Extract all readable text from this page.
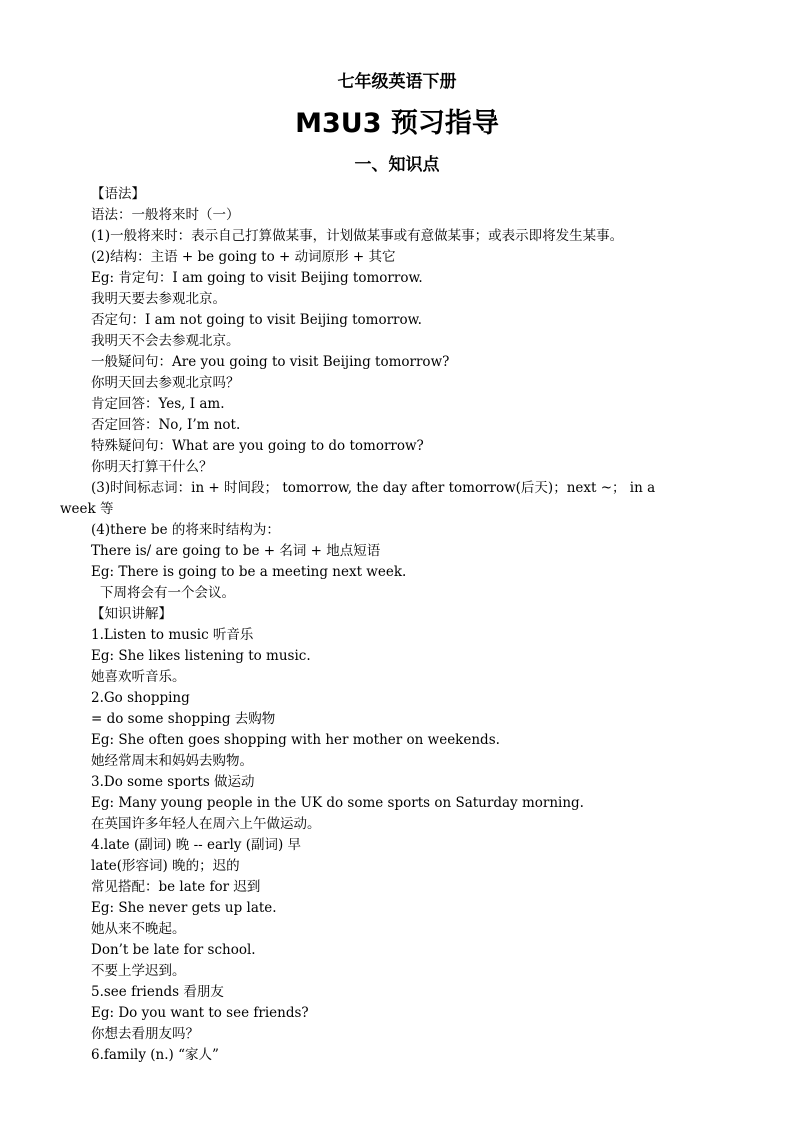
七年级英语下册
M3U3 预习指导
一、知识点
【语法】
语法：一般将来时（一）
(1)一般将来时：表示自己打算做某事，计划做某事或有意做某事；或表示即将发生某事。
(2)结构：主语 + be going to + 动词原形 + 其它
Eg: 肯定句：I am going to visit Beijing tomorrow.
我明天要去参观北京。
否定句：I am not going to visit Beijing tomorrow.
我明天不会去参观北京。
一般疑问句：Are you going to visit Beijing tomorrow?
你明天回去参观北京吗？
肯定回答：Yes, I am.
否定回答：No, I’m not.
特殊疑问句：What are you going to do tomorrow?
你明天打算干什么？
(3)时间标志词：in + 时间段； tomorrow, the day after tomorrow(后天)；next ~； in a
week 等
(4)there be 的将来时结构为：
There is/ are going to be + 名词 + 地点短语
Eg: There is going to be a meeting next week.
下周将会有一个会议。
【知识讲解】
1.Listen to music 听音乐
Eg: She likes listening to music.
她喜欢听音乐。
2.Go shopping
= do some shopping 去购物
Eg: She often goes shopping with her mother on weekends.
她经常周末和妈妈去购物。
3.Do some sports 做运动
Eg: Many young people in the UK do some sports on Saturday morning.
在英国许多年轻人在周六上午做运动。
4.late (副词) 晚 -- early (副词) 早
late(形容词) 晚的；迟的
常见搭配：be late for 迟到
Eg: She never gets up late.
她从来不晚起。
Don’t be late for school.
不要上学迟到。
5.see friends 看朋友
Eg: Do you want to see friends?
你想去看朋友吗？
6.family (n.) “家人”
